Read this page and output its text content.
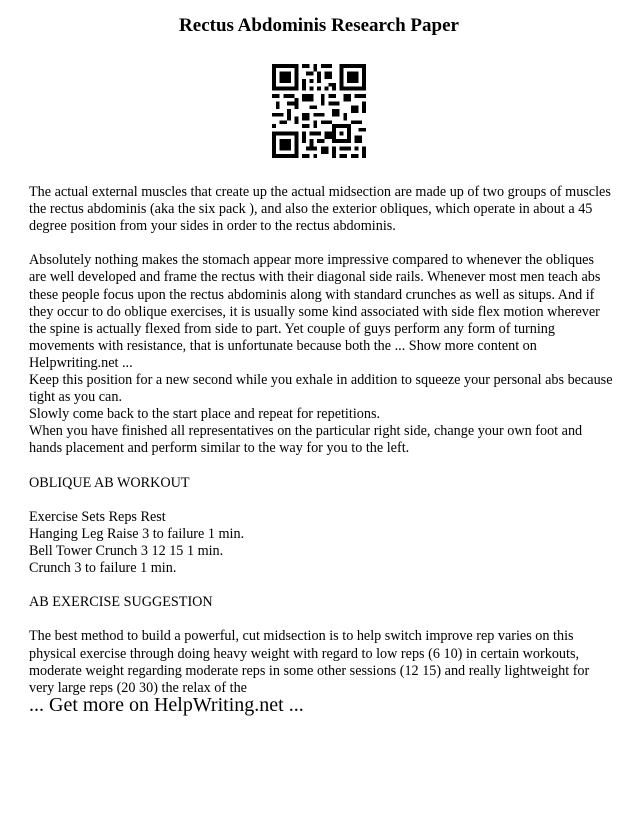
Rectus Abdominis Research Paper

The actual external muscles that create up the actual midsection are made up of two groups of muscles the rectus abdominis (aka the six pack ), and also the exterior obliques, which operate in about a 45 degree position from your sides in order to the rectus abdominis.

Absolutely nothing makes the stomach appear more impressive compared to whenever the obliques are well developed and frame the rectus with their diagonal side rails. Whenever most men teach abs these people focus upon the rectus abdominis along with standard crunches as well as situps. And if they occur to do oblique exercises, it is usually some kind associated with side flex motion wherever the spine is actually flexed from side to part. Yet couple of guys perform any form of turning movements with resistance, that is unfortunate because both the ... Show more content on Helpwriting.net ...

Keep this position for a new second while you exhale in addition to squeeze your personal abs because tight as you can.

Slowly come back to the start place and repeat for repetitions.

When you have finished all representatives on the particular right side, change your own foot and hands placement and perform similar to the way for you to the left.

OBLIQUE AB WORKOUT

Exercise Sets Reps Rest

Hanging Leg Raise 3 to failure 1 min.

Bell Tower Crunch 3 12 15 1 min.

Crunch 3 to failure 1 min.

AB EXERCISE SUGGESTION

The best method to build a powerful, cut midsection is to help switch improve rep varies on this physical exercise through doing heavy weight with regard to low reps (6 10) in certain workouts, moderate weight regarding moderate reps in some other sessions (12 15) and really lightweight for very large reps (20 30) the relax of the

... Get more on HelpWriting.net ...
